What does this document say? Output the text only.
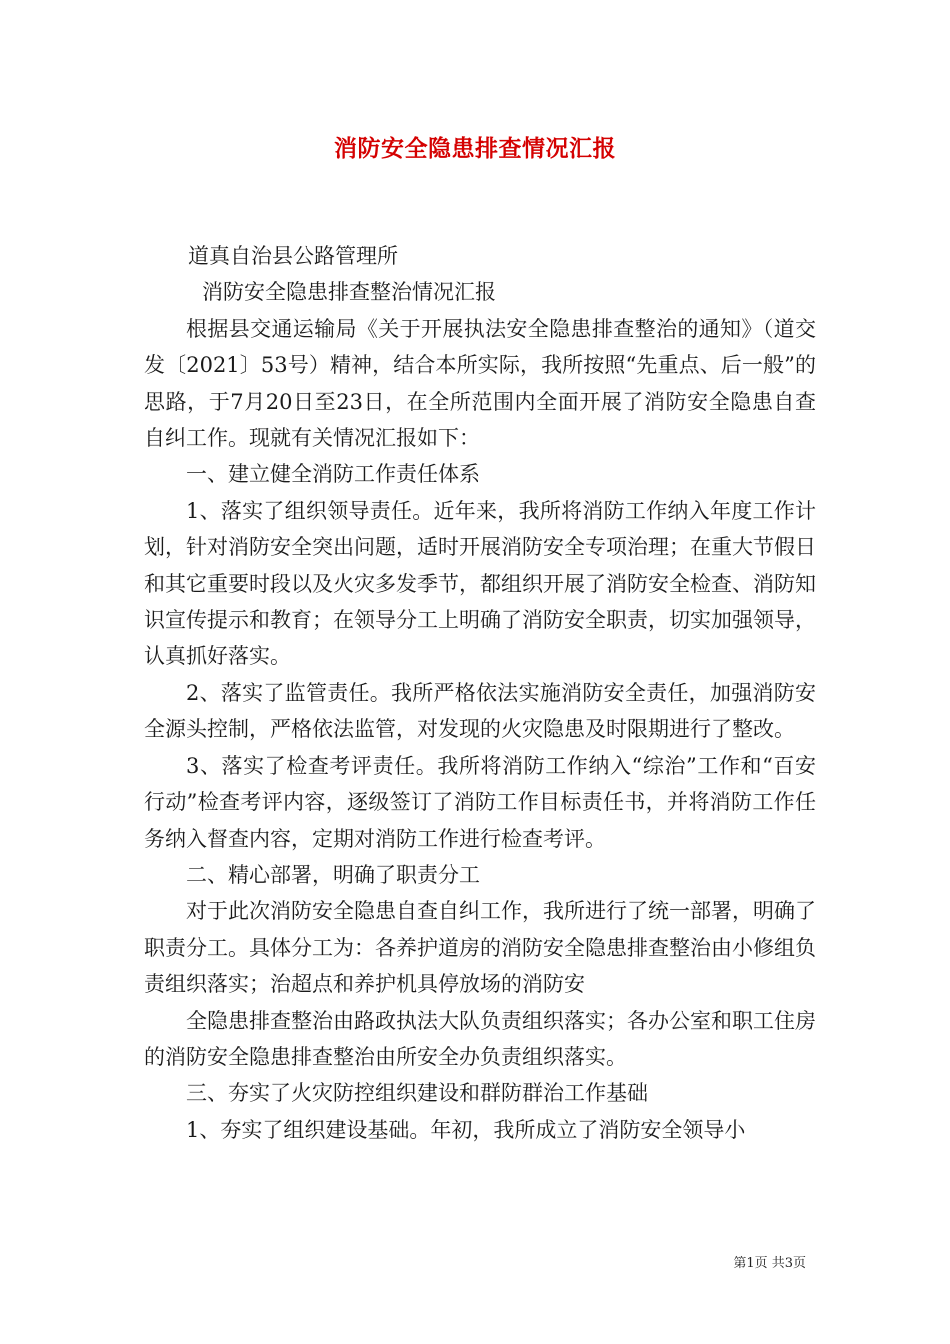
消防安全隐患排查情况汇报

道真自治县公路管理所

消防安全隐患排查整治情况汇报

根据县交通运输局《关于开展执法安全隐患排查整治的通知》（道交发〔2021〕53号）精神，结合本所实际，我所按照“先重点、后一般”的思路，于7月20日至23日，在全所范围内全面开展了消防安全隐患自查自纠工作。现就有关情况汇报如下：

一、建立健全消防工作责任体系

1、落实了组织领导责任。近年来，我所将消防工作纳入年度工作计划，针对消防安全突出问题，适时开展消防安全专项治理；在重大节假日和其它重要时段以及火灾多发季节，都组织开展了消防安全检查、消防知识宣传提示和教育；在领导分工上明确了消防安全职责，切实加强领导，认真抓好落实。

2、落实了监管责任。我所严格依法实施消防安全责任，加强消防安全源头控制，严格依法监管，对发现的火灾隐患及时限期进行了整改。

3、落实了检查考评责任。我所将消防工作纳入“综治”工作和“百安行动”检查考评内容，逐级签订了消防工作目标责任书，并将消防工作任务纳入督查内容，定期对消防工作进行检查考评。

二、精心部署，明确了职责分工

对于此次消防安全隐患自查自纠工作，我所进行了统一部署，明确了职责分工。具体分工为：各养护道房的消防安全隐患排查整治由小修组负责组织落实；治超点和养护机具停放场的消防安

全隐患排查整治由路政执法大队负责组织落实；各办公室和职工住房的消防安全隐患排查整治由所安全办负责组织落实。

三、夯实了火灾防控组织建设和群防群治工作基础

1、夯实了组织建设基础。年初，我所成立了消防安全领导小

第1页 共3页
